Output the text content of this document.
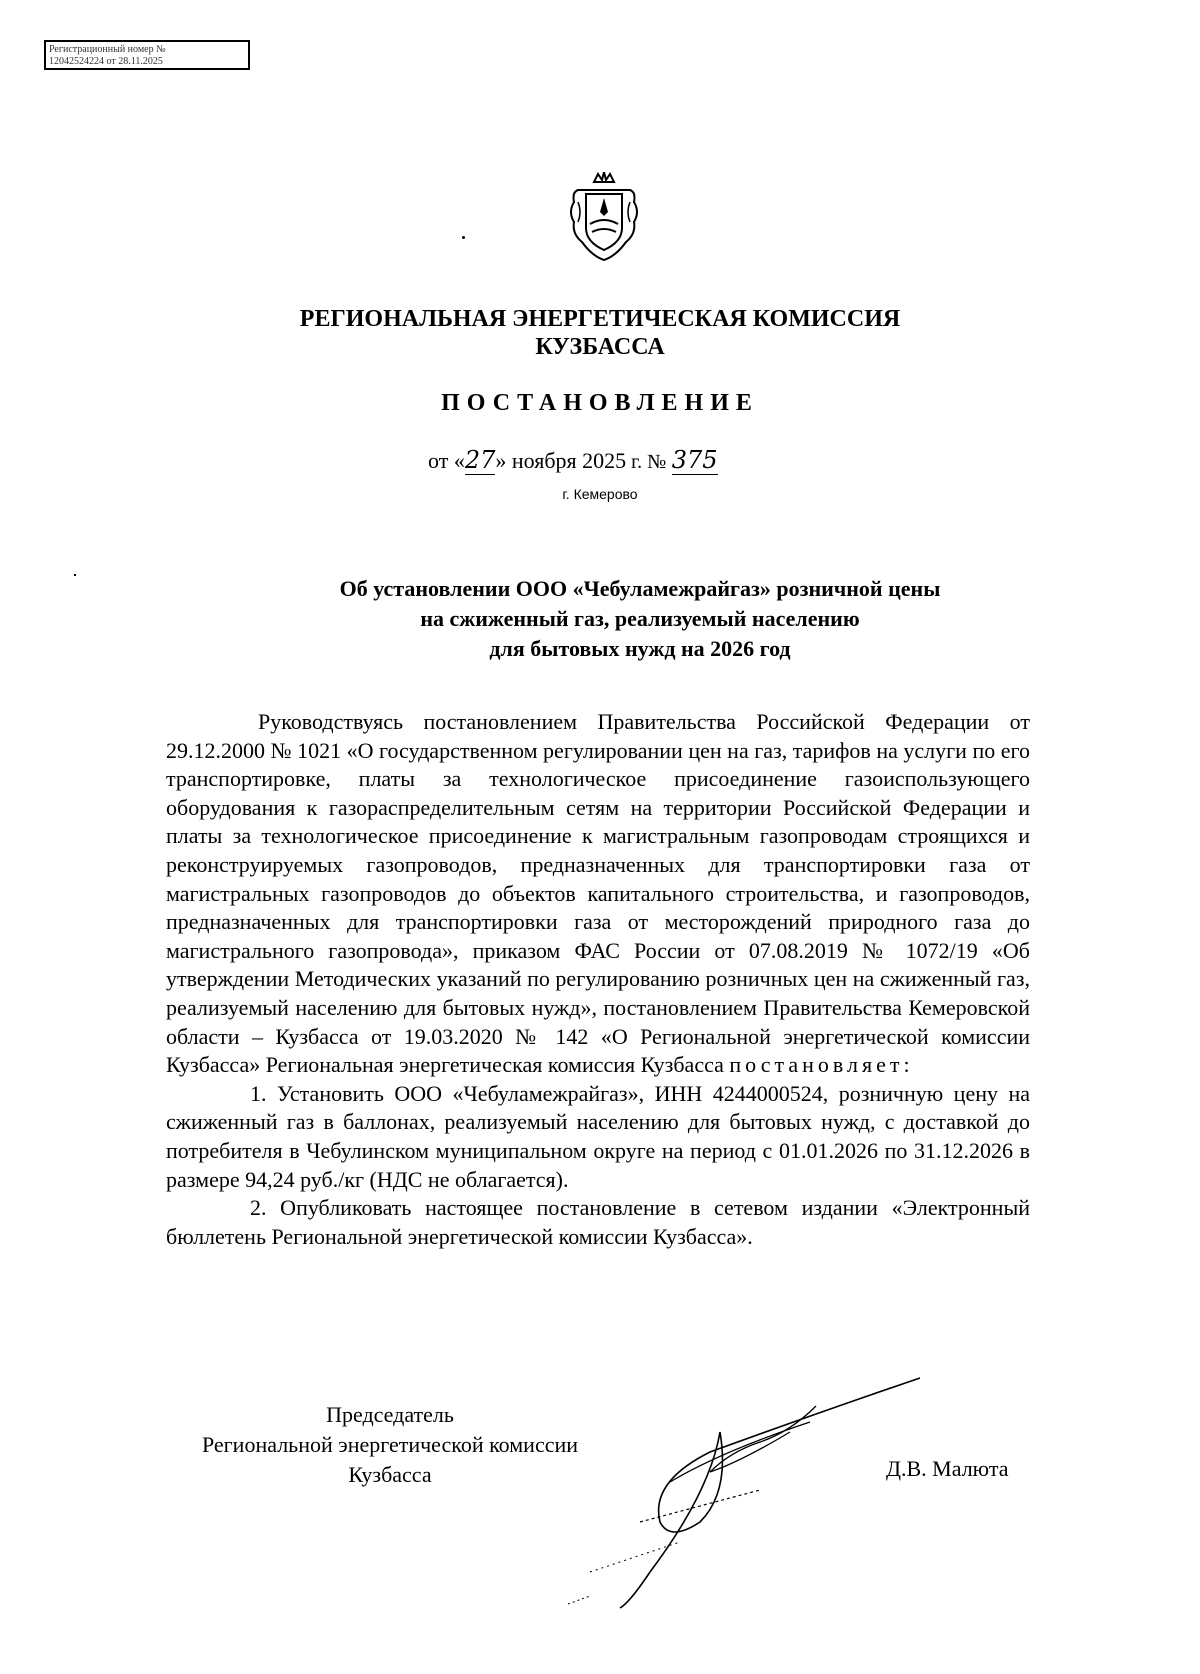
Регистрационный номер №
12042524224 от 28.11.2025
РЕГИОНАЛЬНАЯ ЭНЕРГЕТИЧЕСКАЯ КОМИССИЯ
КУЗБАССА
ПОСТАНОВЛЕНИЕ
от «27» ноября 2025 г. № 375
г. Кемерово
Об установлении ООО «Чебуламежрайгаз» розничной цены
на сжиженный газ, реализуемый населению
для бытовых нужд на 2026 год

Руководствуясь постановлением Правительства Российской Федерации от 29.12.2000 № 1021 «О государственном регулировании цен на газ, тарифов на услуги по его транспортировке, платы за технологическое присоединение газоиспользующего оборудования к газораспределительным сетям на территории Российской Федерации и платы за технологическое присоединение к магистральным газопроводам строящихся и реконструируемых газопроводов, предназначенных для транспортировки газа от магистральных газопроводов до объектов капитального строительства, и газопроводов, предназначенных для транспортировки газа от месторождений природного газа до магистрального газопровода», приказом ФАС России от 07.08.2019 № 1072/19 «Об утверждении Методических указаний по регулированию розничных цен на сжиженный газ, реализуемый населению для бытовых нужд», постановлением Правительства Кемеровской области – Кузбасса от 19.03.2020 № 142 «О Региональной энергетической комиссии Кузбасса» Региональная энергетическая комиссия Кузбасса постановляет:

1. Установить ООО «Чебуламежрайгаз», ИНН 4244000524, розничную цену на сжиженный газ в баллонах, реализуемый населению для бытовых нужд, с доставкой до потребителя в Чебулинском муниципальном округе на период с 01.01.2026 по 31.12.2026 в размере 94,24 руб./кг (НДС не облагается).

2. Опубликовать настоящее постановление в сетевом издании «Электронный бюллетень Региональной энергетической комиссии Кузбасса».

Председатель
Региональной энергетической комиссии
Кузбасса	Д.В. Малюта
